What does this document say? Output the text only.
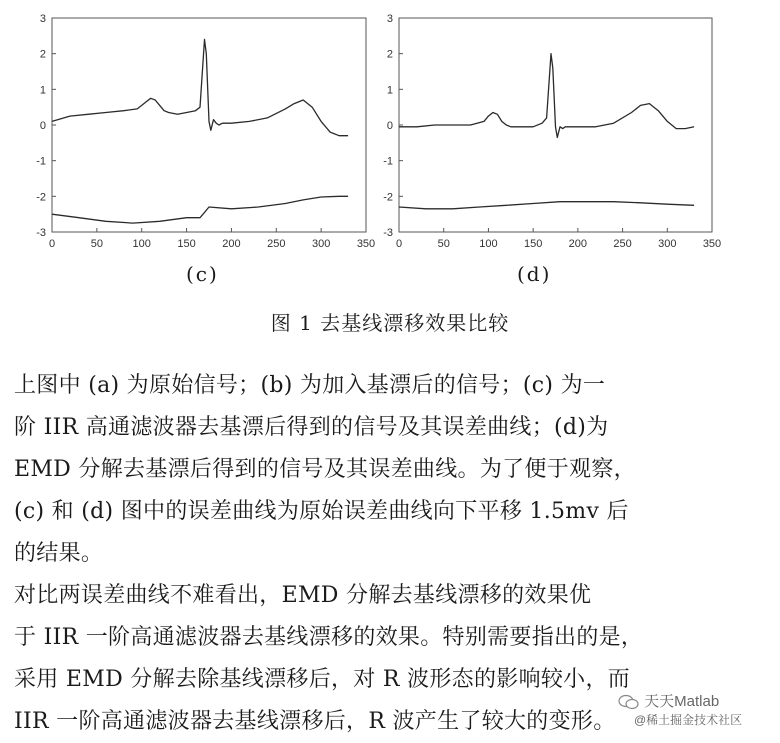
0	50	100 150 200 250 300 350
-3
-2
-1
0
1
2
3
0	50	100 150 200 250 300 350
-3
-2
-1
0
1
2
3
(c)	(d)
图 1 去基线漂移效果比较
上图中 (a) 为原始信号；(b) 为加入基漂后的信号；(c) 为一
阶 IIR 高通滤波器去基漂后得到的信号及其误差曲线；(d)为
EMD 分解去基漂后得到的信号及其误差曲线。为了便于观察，
(c) 和 (d) 图中的误差曲线为原始误差曲线向下平移 1.5mv 后
的结果。
对比两误差曲线不难看出，EMD 分解去基线漂移的效果优
于 IIR 一阶高通滤波器去基线漂移的效果。特别需要指出的是，
采用 EMD 分解去除基线漂移后，对 R 波形态的影响较小，而
IIR 一阶高通滤波器去基线漂移后，R 波产生了较大的变形。
天天Matlab
@稀土掘金技术社区
